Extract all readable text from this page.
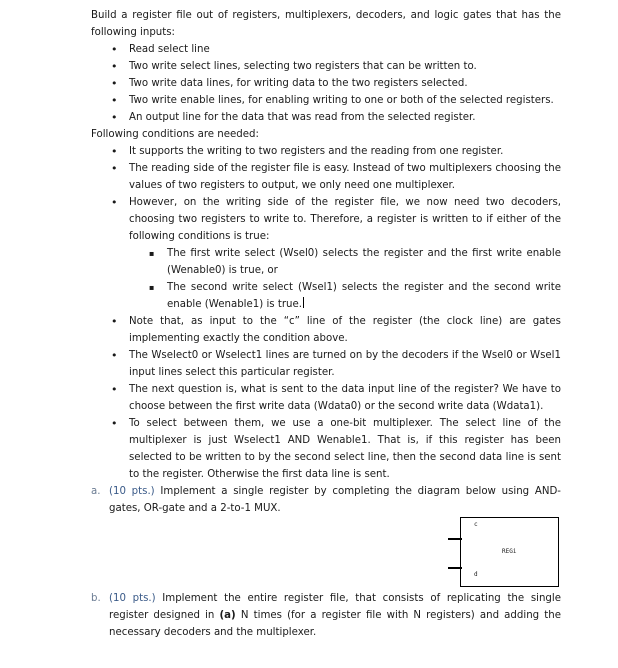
Build a register file out of registers, multiplexers, decoders, and logic gates that has the following inputs:
• Read select line
• Two write select lines, selecting two registers that can be written to.
• Two write data lines, for writing data to the two registers selected.
• Two write enable lines, for enabling writing to one or both of the selected registers.
• An output line for the data that was read from the selected register.
Following conditions are needed:
• It supports the writing to two registers and the reading from one register.
• The reading side of the register file is easy. Instead of two multiplexers choosing the values of two registers to output, we only need one multiplexer.
• However, on the writing side of the register file, we now need two decoders, choosing two registers to write to. Therefore, a register is written to if either of the following conditions is true:
▪ The first write select (Wsel0) selects the register and the first write enable (Wenable0) is true, or
▪ The second write select (Wsel1) selects the register and the second write enable (Wenable1) is true.
• Note that, as input to the “c” line of the register (the clock line) are gates implementing exactly the condition above.
• The Wselect0 or Wselect1 lines are turned on by the decoders if the Wsel0 or Wsel1 input lines select this particular register.
• The next question is, what is sent to the data input line of the register? We have to choose between the first write data (Wdata0) or the second write data (Wdata1).
• To select between them, we use a one-bit multiplexer. The select line of the multiplexer is just Wselect1 AND Wenable1. That is, if this register has been selected to be written to by the second select line, then the second data line is sent to the register. Otherwise the first data line is sent.
a. (10 pts.) Implement a single register by completing the diagram below using AND-gates, OR-gate and a 2-to-1 MUX.
c
d
REGi
b. (10 pts.) Implement the entire register file, that consists of replicating the single register designed in (a) N times (for a register file with N registers) and adding the necessary decoders and the multiplexer.
